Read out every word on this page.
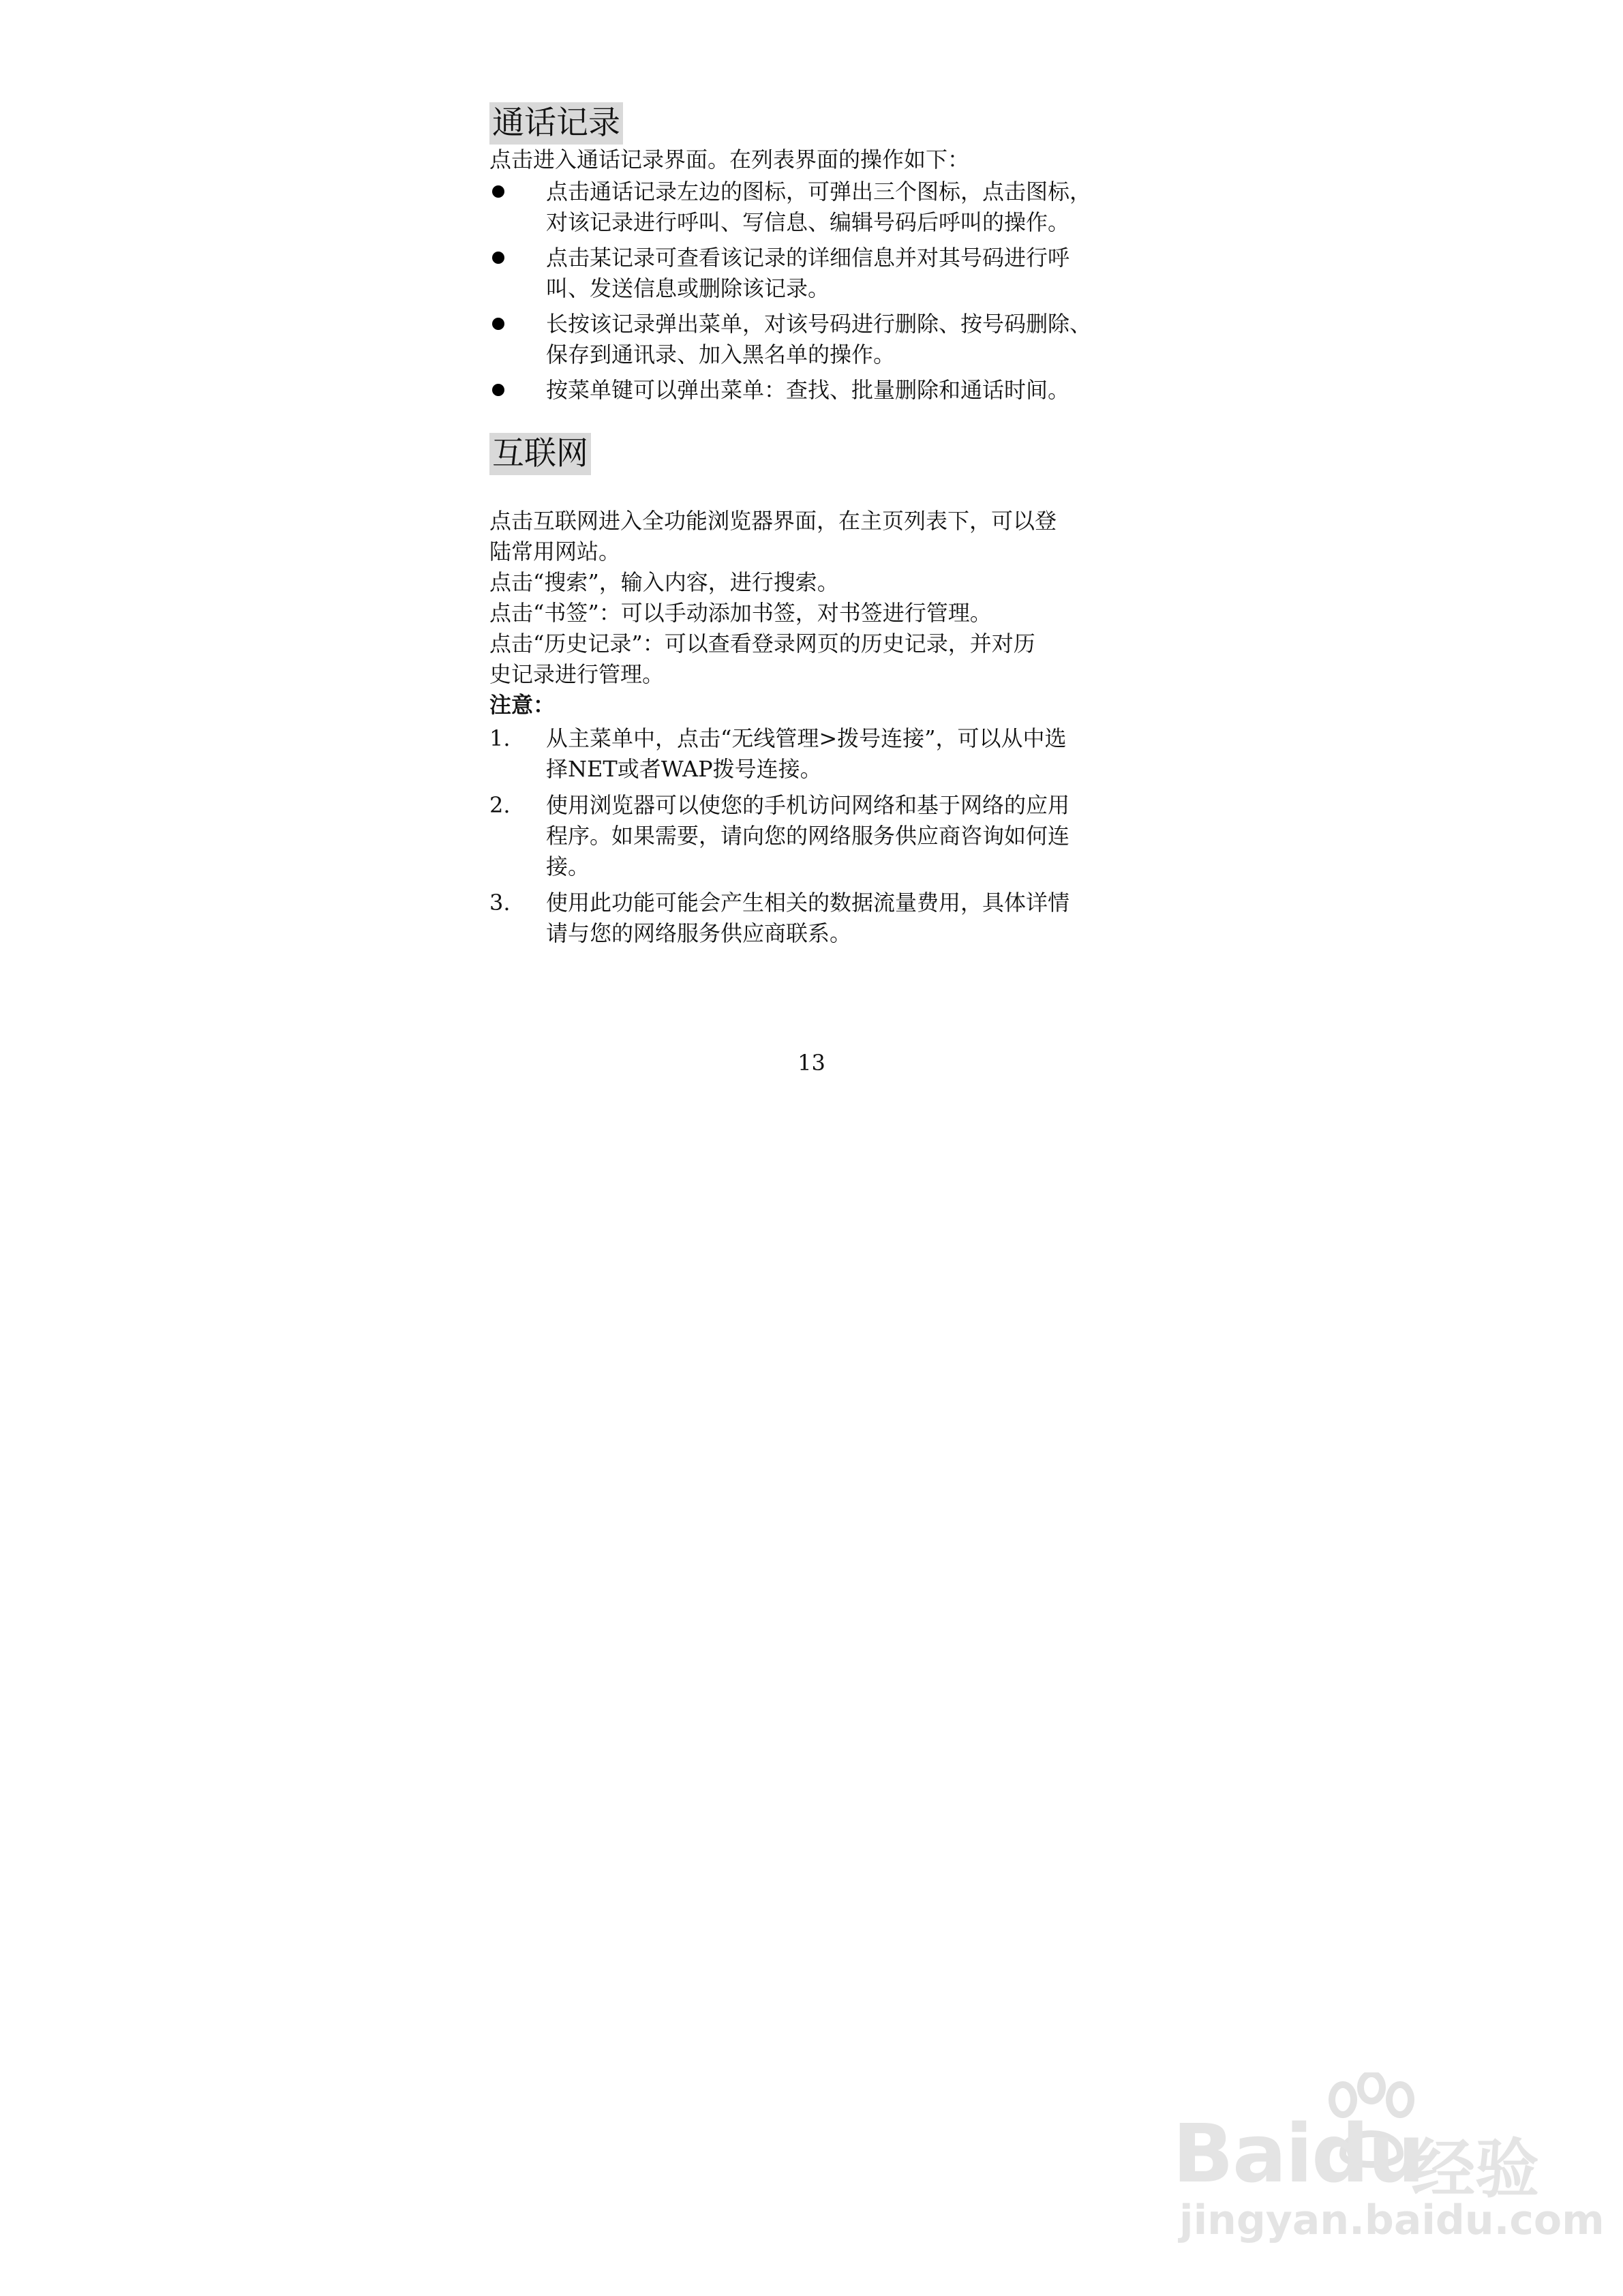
通话记录

点击进入通话记录界面。在列表界面的操作如下：

点击通话记录左边的图标，可弹出三个图标，点击图标，
对该记录进行呼叫、写信息、编辑号码后呼叫的操作。
点击某记录可查看该记录的详细信息并对其号码进行呼
叫、发送信息或删除该记录。
长按该记录弹出菜单，对该号码进行删除、按号码删除、
保存到通讯录、加入黑名单的操作。
按菜单键可以弹出菜单：查找、批量删除和通话时间。
互联网

点击互联网进入全功能浏览器界面，在主页列表下，可以登

陆常用网站。

点击“搜索”，输入内容，进行搜索。

点击“书签”：可以手动添加书签，对书签进行管理。

点击“历史记录”：可以查看登录网页的历史记录，并对历

史记录进行管理。

注意：

1. 从主菜单中，点击“无线管理>拨号连接”，可以从中选
择NET或者WAP拨号连接。
2. 使用浏览器可以使您的手机访问网络和基于网络的应用
程序。如果需要，请向您的网络服务供应商咨询如何连
接。
3. 使用此功能可能会产生相关的数据流量费用，具体详情
请与您的网络服务供应商联系。
13
Baidu
经验
jingyan.baidu.com
